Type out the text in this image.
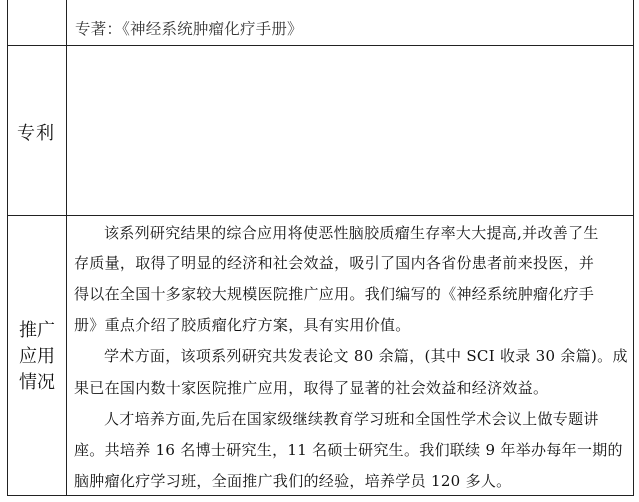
专著：《神经系统肿瘤化疗手册》
专利
推广
应用
情况
该系列研究结果的综合应用将使恶性脑胶质瘤生存率大大提高,并改善了生
存质量，取得了明显的经济和社会效益，吸引了国内各省份患者前来投医，并
得以在全国十多家较大规模医院推广应用。我们编写的《神经系统肿瘤化疗手
册》重点介绍了胶质瘤化疗方案，具有实用价值。
学术方面，该项系列研究共发表论文 80 余篇，(其中 SCI 收录 30 余篇)。成
果已在国内数十家医院推广应用，取得了显著的社会效益和经济效益。
人才培养方面,先后在国家级继续教育学习班和全国性学术会议上做专题讲
座。共培养 16 名博士研究生，11 名硕士研究生。我们联续 9 年举办每年一期的
脑肿瘤化疗学习班，全面推广我们的经验，培养学员 120 多人。
